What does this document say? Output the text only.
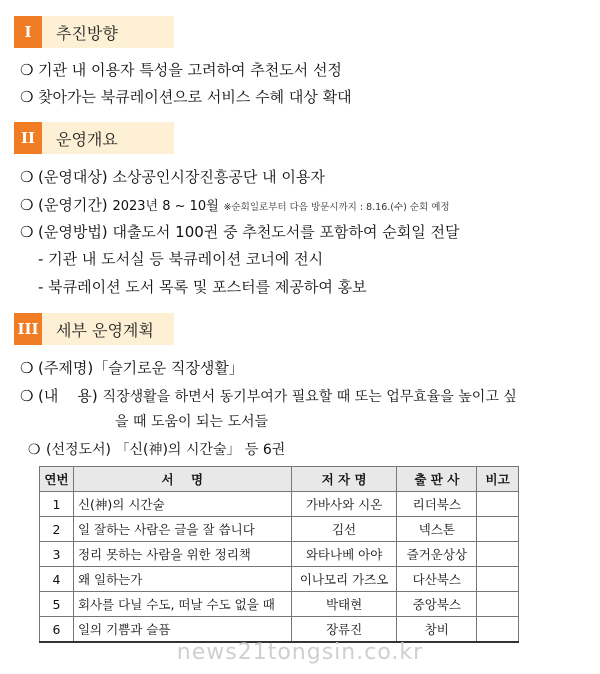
I	추진방향
❍ 기관 내 이용자 특성을 고려하여 추천도서 선정
❍ 찾아가는 북큐레이션으로 서비스 수혜 대상 확대
II	운영개요
❍ (운영대상) 소상공인시장진흥공단 내 이용자
❍ (운영기간) 2023년 8 ~ 10월 ※순회일로부터 다음 방문시까지 : 8.16.(수) 순회 예정
❍ (운영방법) 대출도서 100권 중 추천도서를 포함하여 순회일 전달
- 기관 내 도서실 등 북큐레이션 코너에 전시
- 북큐레이션 도서 목록 및 포스터를 제공하여 홍보
III	세부 운영계획
❍ (주제명)「슬기로운 직장생활」
❍ (내    용) 직장생활을 하면서 동기부여가 필요할 때 또는 업무효율을 높이고 싶
을 때 도움이 되는 도서들
❍ (선정도서) 「신(神)의 시간술」 등 6권
연번	서    명	저 자 명	출 판 사	비고
1	신(神)의 시간술	가바사와 시온	리더북스	
2	일 잘하는 사람은 글을 잘 씁니다	김선	넥스톤	
3	정리 못하는 사람을 위한 정리책	와타나베 아야	즐거운상상	
4	왜 일하는가	이나모리 가즈오	다산북스	
5	회사를 다닐 수도, 떠날 수도 없을 때	박태현	중앙북스	
6	일의 기쁨과 슬픔	장류진	창비	
news21tongsin.co.kr
